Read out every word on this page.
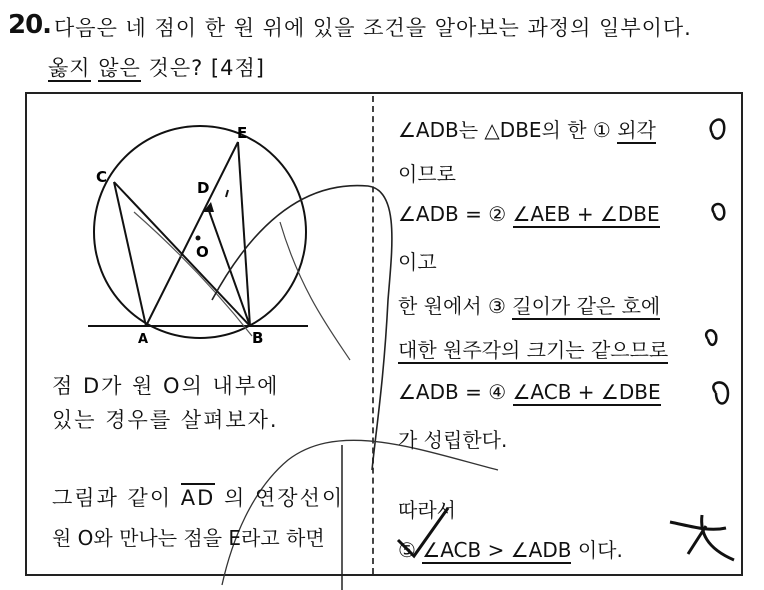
20. 다음은 네 점이 한 원 위에 있을 조건을 알아보는 과정의 일부이다.
옳지 않은 것은? [4점]
C
D
E
O
A	B
점 D가 원 O의 내부에
있는 경우를 살펴보자.
그림과 같이 AD 의 연장선이
원 O와 만나는 점을 E라고 하면
∠ADB는 △DBE의 한 ① 외각
이므로
∠ADB = ② ∠AEB + ∠DBE
이고
한 원에서 ③ 길이가 같은 호에
대한 원주각의 크기는 같으므로
∠ADB = ④ ∠ACB + ∠DBE
가 성립한다.
따라서
⑤ ∠ACB > ∠ADB 이다.
